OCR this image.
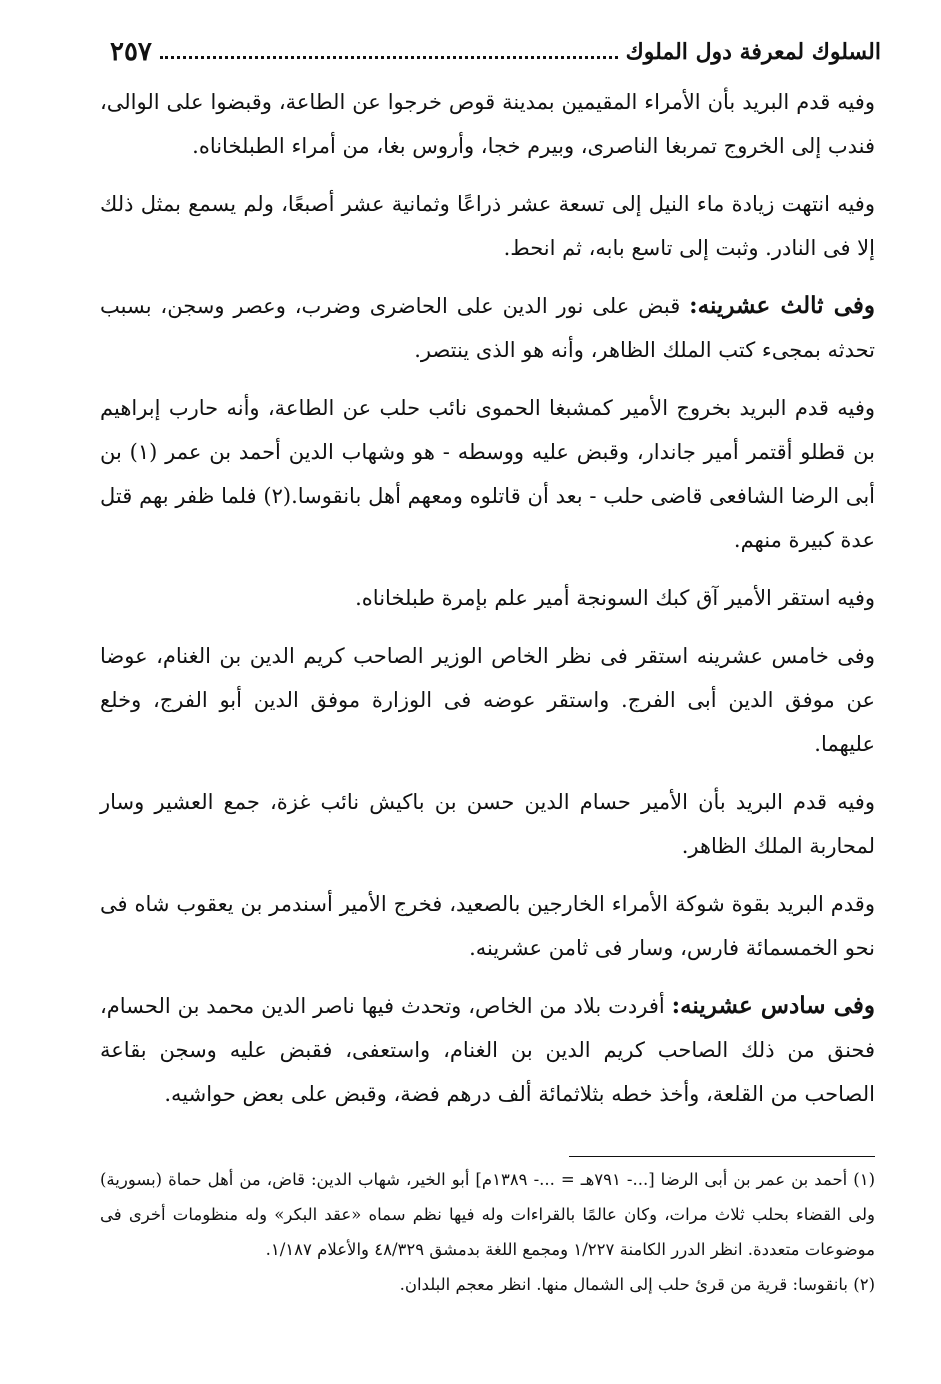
السلوك لمعرفة دول الملوك
٢٥٧

وفيه قدم البريد بأن الأمراء المقيمين بمدينة قوص خرجوا عن الطاعة، وقبضوا على الوالى، فندب إلى الخروج تمربغا الناصرى، وبيرم خجا، وأروس بغا، من أمراء الطبلخاناه.

وفيه انتهت زيادة ماء النيل إلى تسعة عشر ذراعًا وثمانية عشر أصبعًا، ولم يسمع بمثل ذلك إلا فى النادر. وثبت إلى تاسع بابه، ثم انحط.

وفى ثالث عشرينه: قبض على نور الدين على الحاضرى وضرب، وعصر وسجن، بسبب تحدثه بمجىء كتب الملك الظاهر، وأنه هو الذى ينتصر.

وفيه قدم البريد بخروج الأمير كمشبغا الحموى نائب حلب عن الطاعة، وأنه حارب إبراهيم بن قطلو أقتمر أمير جاندار، وقبض عليه ووسطه - هو وشهاب الدين أحمد بن عمر (١) بن أبى الرضا الشافعى قاضى حلب - بعد أن قاتلوه ومعهم أهل بانقوسا.(٢) فلما ظفر بهم قتل عدة كبيرة منهم.

وفيه استقر الأمير آق كبك السونجة أمير علم بإمرة طبلخاناه.

وفى خامس عشرينه استقر فى نظر الخاص الوزير الصاحب كريم الدين بن الغنام، عوضا عن موفق الدين أبى الفرج. واستقر عوضه فى الوزارة موفق الدين أبو الفرج، وخلع عليهما.

وفيه قدم البريد بأن الأمير حسام الدين حسن بن باكيش نائب غزة، جمع العشير وسار لمحاربة الملك الظاهر.

وقدم البريد بقوة شوكة الأمراء الخارجين بالصعيد، فخرج الأمير أسندمر بن يعقوب شاه فى نحو الخمسمائة فارس، وسار فى ثامن عشرينه.

وفى سادس عشرينه: أفردت بلاد من الخاص، وتحدث فيها ناصر الدين محمد بن الحسام، فحنق من ذلك الصاحب كريم الدين بن الغنام، واستعفى، فقبض عليه وسجن بقاعة الصاحب من القلعة، وأخذ خطه بثلاثمائة ألف درهم فضة، وقبض على بعض حواشيه.

(١) أحمد بن عمر بن أبى الرضا [...- ٧٩١هـ = ...- ١٣٨٩م] أبو الخير، شهاب الدين: قاض، من أهل حماة (بسورية) ولى القضاء بحلب ثلاث مرات، وكان عالمًا بالقراءات وله فيها نظم سماه «عقد البكر» وله منظومات أخرى فى موضوعات متعددة. انظر الدرر الكامنة ١/٢٢٧ ومجمع اللغة بدمشق ٤٨/٣٢٩ والأعلام ١/١٨٧.

(٢) بانقوسا: قرية من قرئ حلب إلى الشمال منها. انظر معجم البلدان.
